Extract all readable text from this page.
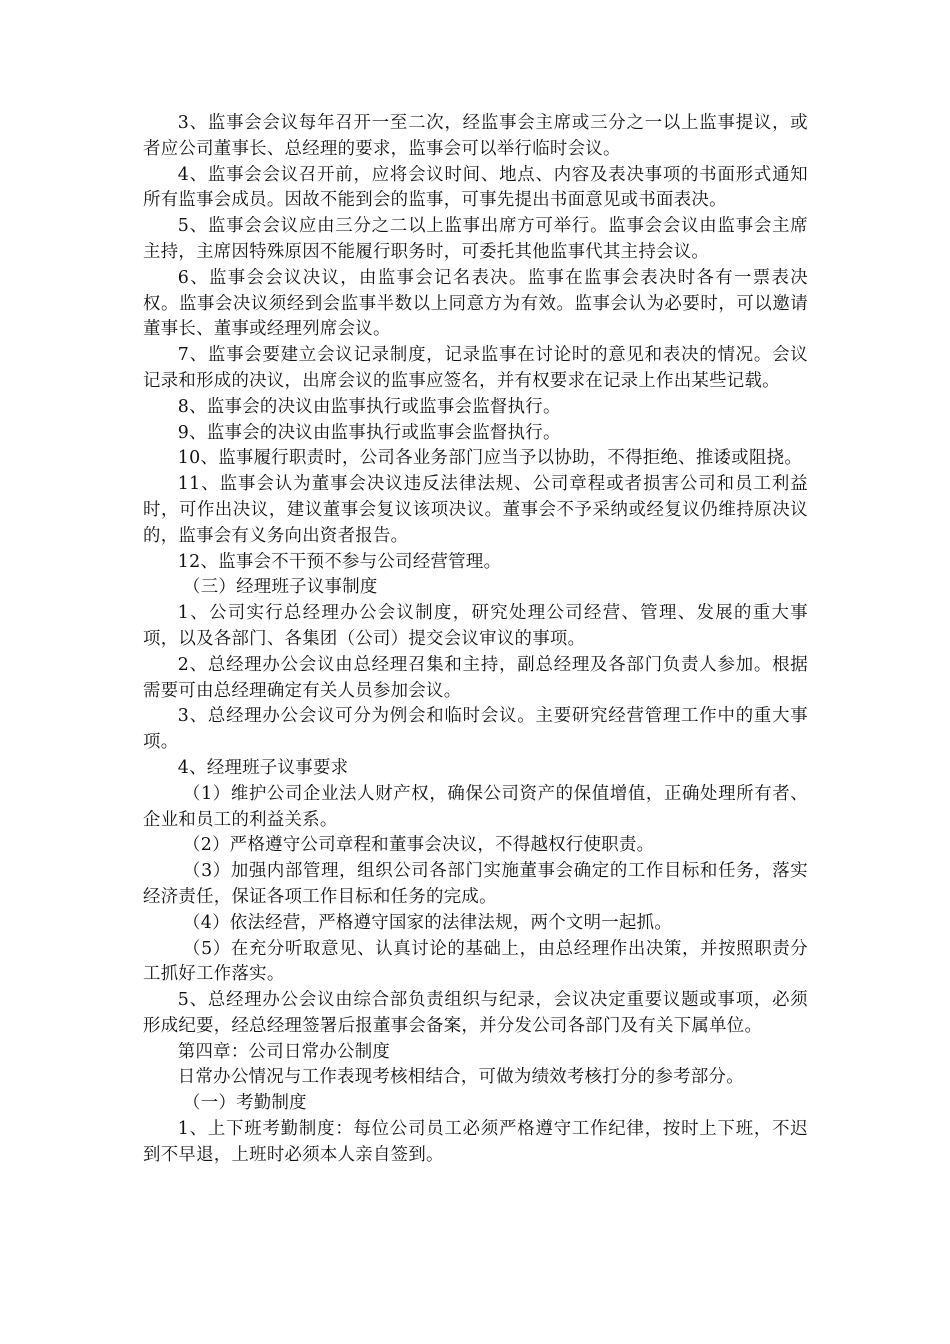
3、监事会会议每年召开一至二次，经监事会主席或三分之一以上监事提议，或者应公司董事长、总经理的要求，监事会可以举行临时会议。

4、监事会会议召开前，应将会议时间、地点、内容及表决事项的书面形式通知所有监事会成员。因故不能到会的监事，可事先提出书面意见或书面表决。

5、监事会会议应由三分之二以上监事出席方可举行。监事会会议由监事会主席主持，主席因特殊原因不能履行职务时，可委托其他监事代其主持会议。

6、监事会会议决议，由监事会记名表决。监事在监事会表决时各有一票表决权。监事会决议须经到会监事半数以上同意方为有效。监事会认为必要时，可以邀请董事长、董事或经理列席会议。

7、监事会要建立会议记录制度，记录监事在讨论时的意见和表决的情况。会议记录和形成的决议，出席会议的监事应签名，并有权要求在记录上作出某些记载。

8、监事会的决议由监事执行或监事会监督执行。

9、监事会的决议由监事执行或监事会监督执行。

10、监事履行职责时，公司各业务部门应当予以协助，不得拒绝、推诿或阻挠。

11、监事会认为董事会决议违反法律法规、公司章程或者损害公司和员工利益时，可作出决议，建议董事会复议该项决议。董事会不予采纳或经复议仍维持原决议的，监事会有义务向出资者报告。

12、监事会不干预不参与公司经营管理。

（三）经理班子议事制度

1、公司实行总经理办公会议制度，研究处理公司经营、管理、发展的重大事项，以及各部门、各集团（公司）提交会议审议的事项。

2、总经理办公会议由总经理召集和主持，副总经理及各部门负责人参加。根据需要可由总经理确定有关人员参加会议。

3、总经理办公会议可分为例会和临时会议。主要研究经营管理工作中的重大事项。

4、经理班子议事要求

（1）维护公司企业法人财产权，确保公司资产的保值增值，正确处理所有者、企业和员工的利益关系。

（2）严格遵守公司章程和董事会决议，不得越权行使职责。

（3）加强内部管理，组织公司各部门实施董事会确定的工作目标和任务，落实经济责任，保证各项工作目标和任务的完成。

（4）依法经营，严格遵守国家的法律法规，两个文明一起抓。

（5）在充分听取意见、认真讨论的基础上，由总经理作出决策，并按照职责分工抓好工作落实。

5、总经理办公会议由综合部负责组织与纪录，会议决定重要议题或事项，必须形成纪要，经总经理签署后报董事会备案，并分发公司各部门及有关下属单位。

第四章：公司日常办公制度

日常办公情况与工作表现考核相结合，可做为绩效考核打分的参考部分。

（一）考勤制度

1、上下班考勤制度：每位公司员工必须严格遵守工作纪律，按时上下班，不迟到不早退，上班时必须本人亲自签到。
